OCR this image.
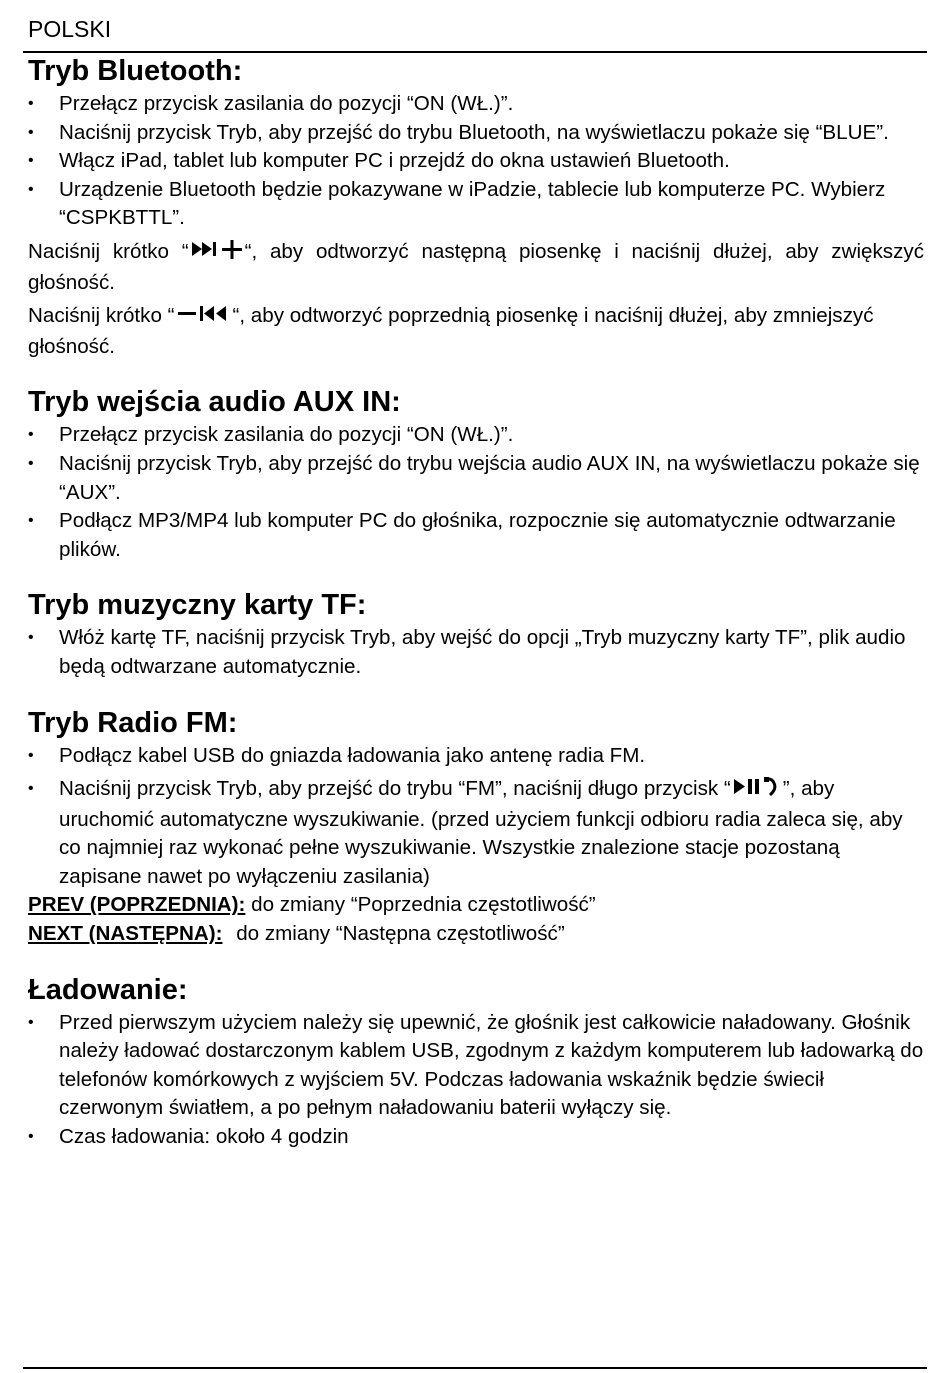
POLSKI
Tryb Bluetooth:
• Przełącz przycisk zasilania do pozycji “ON (WŁ.)”.
• Naciśnij przycisk Tryb, aby przejść do trybu Bluetooth, na wyświetlaczu pokaże się “BLUE”.
• Włącz iPad, tablet lub komputer PC i przejdź do okna ustawień Bluetooth.
• Urządzenie Bluetooth będzie pokazywane w iPadzie, tablecie lub komputerze PC. Wybierz “CSPKBTTL”.

Naciśnij krótko “	“, aby odtworzyć następną piosenkę i naciśnij dłużej, aby zwiększyć głośność.

Naciśnij krótko “	“, aby odtworzyć poprzednią piosenkę i naciśnij dłużej, aby zmniejszyć głośność.

Tryb wejścia audio AUX IN:
• Przełącz przycisk zasilania do pozycji “ON (WŁ.)”.
• Naciśnij przycisk Tryb, aby przejść do trybu wejścia audio AUX IN, na wyświetlaczu pokaże się “AUX”.
• Podłącz MP3/MP4 lub komputer PC do głośnika, rozpocznie się automatycznie odtwarzanie plików.
Tryb muzyczny karty TF:
• Włóż kartę TF, naciśnij przycisk Tryb, aby wejść do opcji „Tryb muzyczny karty TF”, plik audio będą odtwarzane automatycznie.
Tryb Radio FM:
• Podłącz kabel USB do gniazda ładowania jako antenę radia FM.
• Naciśnij przycisk Tryb, aby przejść do trybu “FM”, naciśnij długo przycisk “	”, aby uruchomić automatyczne wyszukiwanie. (przed użyciem funkcji odbioru radia zaleca się, aby co najmniej raz wykonać pełne wyszukiwanie. Wszystkie znalezione stacje pozostaną zapisane nawet po wyłączeniu zasilania)

PREV (POPRZEDNIA): do zmiany “Poprzednia częstotliwość”

NEXT (NASTĘPNA): do zmiany “Następna częstotliwość”

Ładowanie:
• Przed pierwszym użyciem należy się upewnić, że głośnik jest całkowicie naładowany. Głośnik należy ładować dostarczonym kablem USB, zgodnym z każdym komputerem lub ładowarką do telefonów komórkowych z wyjściem 5V. Podczas ładowania wskaźnik będzie świecił czerwonym światłem, a po pełnym naładowaniu baterii wyłączy się.
• Czas ładowania: około 4 godzin
